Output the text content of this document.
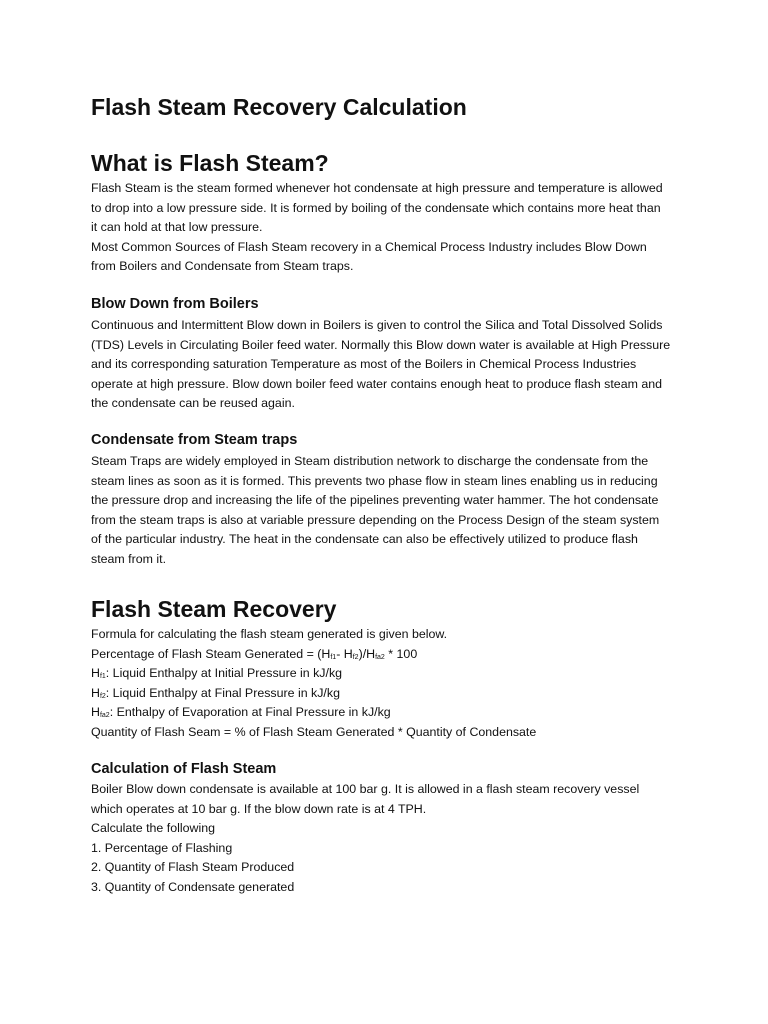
Flash Steam Recovery Calculation
What is Flash Steam?
Flash Steam is the steam formed whenever hot condensate at high pressure and temperature is allowed
to drop into a low pressure side. It is formed by boiling of the condensate which contains more heat than
it can hold at that low pressure.
Most Common Sources of Flash Steam recovery in a Chemical Process Industry includes Blow Down
from Boilers and Condensate from Steam traps.
Blow Down from Boilers
Continuous and Intermittent Blow down in Boilers is given to control the Silica and Total Dissolved Solids
(TDS) Levels in Circulating Boiler feed water. Normally this Blow down water is available at High Pressure
and its corresponding saturation Temperature as most of the Boilers in Chemical Process Industries
operate at high pressure. Blow down boiler feed water contains enough heat to produce flash steam and
the condensate can be reused again.
Condensate from Steam traps
Steam Traps are widely employed in Steam distribution network to discharge the condensate from the
steam lines as soon as it is formed. This prevents two phase flow in steam lines enabling us in reducing
the pressure drop and increasing the life of the pipelines preventing water hammer. The hot condensate
from the steam traps is also at variable pressure depending on the Process Design of the steam system
of the particular industry. The heat in the condensate can also be effectively utilized to produce flash
steam from it.
Flash Steam Recovery
Formula for calculating the flash steam generated is given below.
Percentage of Flash Steam Generated = ($H_{f1}-$ $H_{f2})/H_{fa2} * 100$
$H_{f1}$: Liquid Enthalpy at Initial Pressure in kJ/kg
$H_{f2}$: Liquid Enthalpy at Final Pressure in kJ/kg
$H_{fa2}$: Enthalpy of Evaporation at Final Pressure in kJ/kg
Quantity of Flash Seam = % of Flash Steam Generated * Quantity of Condensate
Calculation of Flash Steam
Boiler Blow down condensate is available at 100 bar g. It is allowed in a flash steam recovery vessel
which operates at 10 bar g. If the blow down rate is at 4 TPH.
Calculate the following
1. Percentage of Flashing
2. Quantity of Flash Steam Produced
3. Quantity of Condensate generated
